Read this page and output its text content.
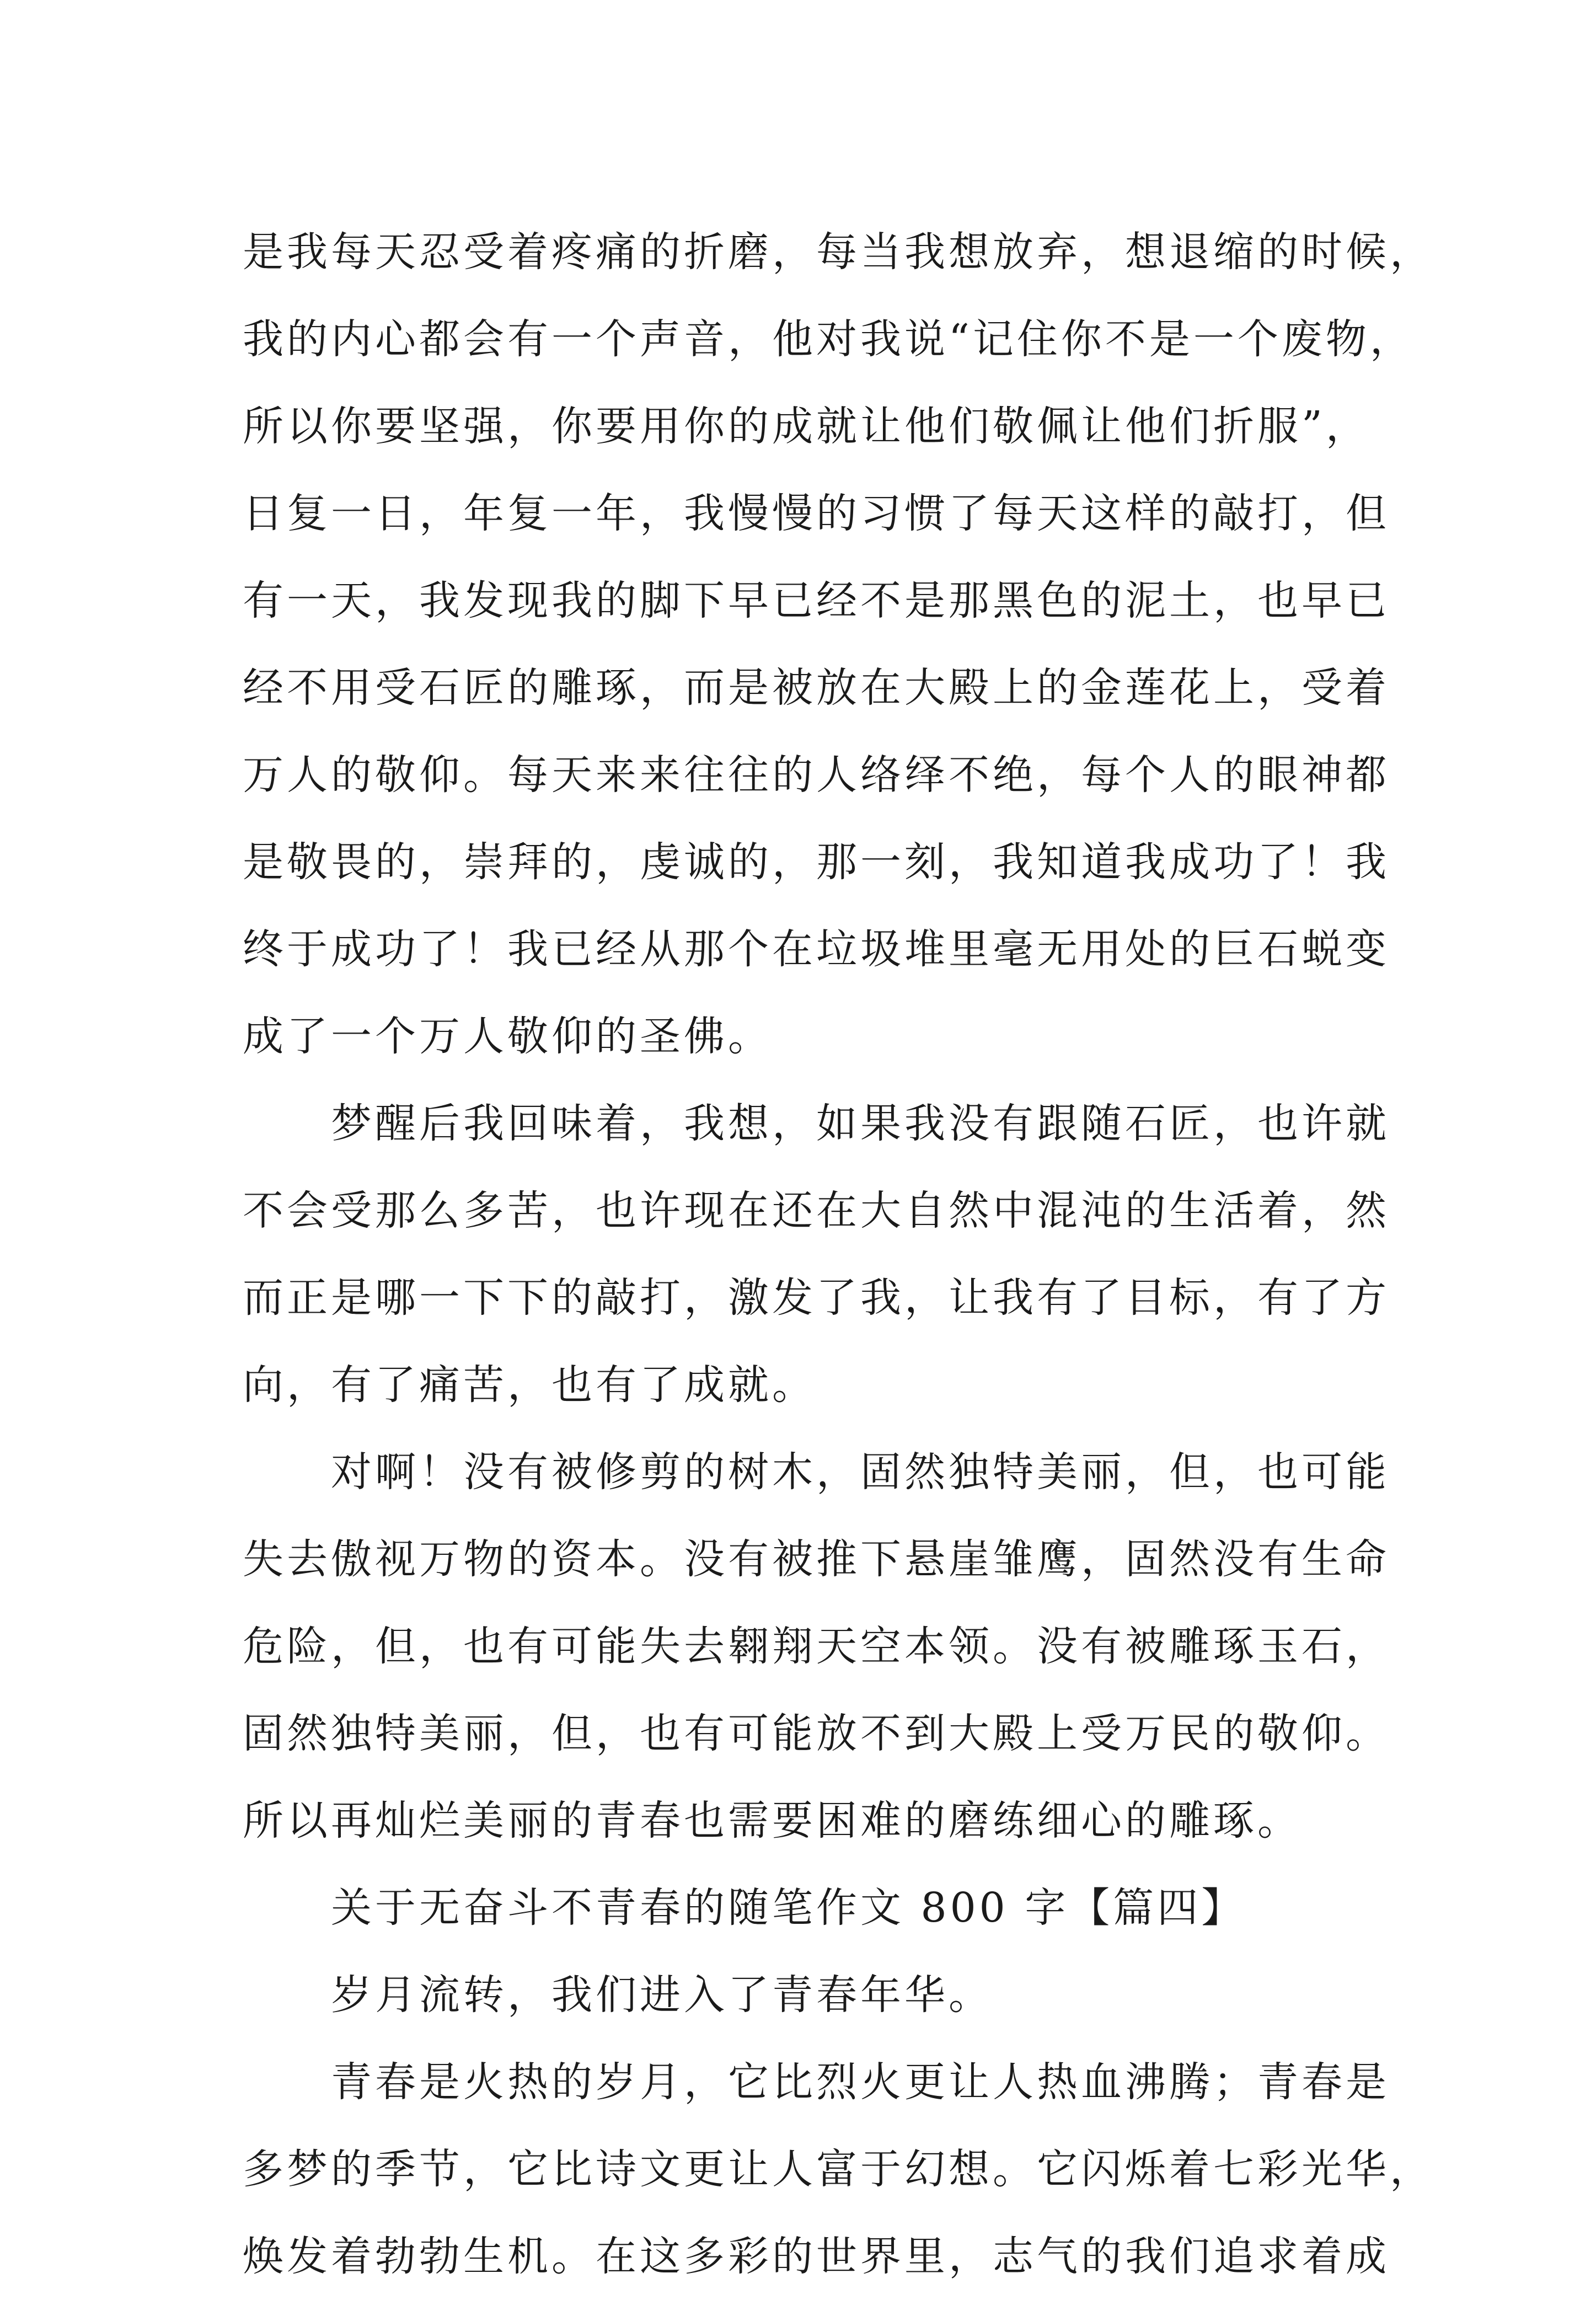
是我每天忍受着疼痛的折磨，每当我想放弃，想退缩的时候，
我的内心都会有一个声音，他对我说“记住你不是一个废物，
所以你要坚强，你要用你的成就让他们敬佩让他们折服”，
日复一日，年复一年，我慢慢的习惯了每天这样的敲打，但
有一天，我发现我的脚下早已经不是那黑色的泥土，也早已
经不用受石匠的雕琢，而是被放在大殿上的金莲花上，受着
万人的敬仰。每天来来往往的人络绎不绝，每个人的眼神都
是敬畏的，崇拜的，虔诚的，那一刻，我知道我成功了！我
终于成功了！我已经从那个在垃圾堆里毫无用处的巨石蜕变
成了一个万人敬仰的圣佛。
梦醒后我回味着，我想，如果我没有跟随石匠，也许就
不会受那么多苦，也许现在还在大自然中混沌的生活着，然
而正是哪一下下的敲打，激发了我，让我有了目标，有了方
向，有了痛苦，也有了成就。
对啊！没有被修剪的树木，固然独特美丽，但，也可能
失去傲视万物的资本。没有被推下悬崖雏鹰，固然没有生命
危险，但，也有可能失去翱翔天空本领。没有被雕琢玉石，
固然独特美丽，但，也有可能放不到大殿上受万民的敬仰。
所以再灿烂美丽的青春也需要困难的磨练细心的雕琢。
关于无奋斗不青春的随笔作文 800 字【篇四】
岁月流转，我们进入了青春年华。
青春是火热的岁月，它比烈火更让人热血沸腾；青春是
多梦的季节，它比诗文更让人富于幻想。它闪烁着七彩光华，
焕发着勃勃生机。在这多彩的世界里，志气的我们追求着成
